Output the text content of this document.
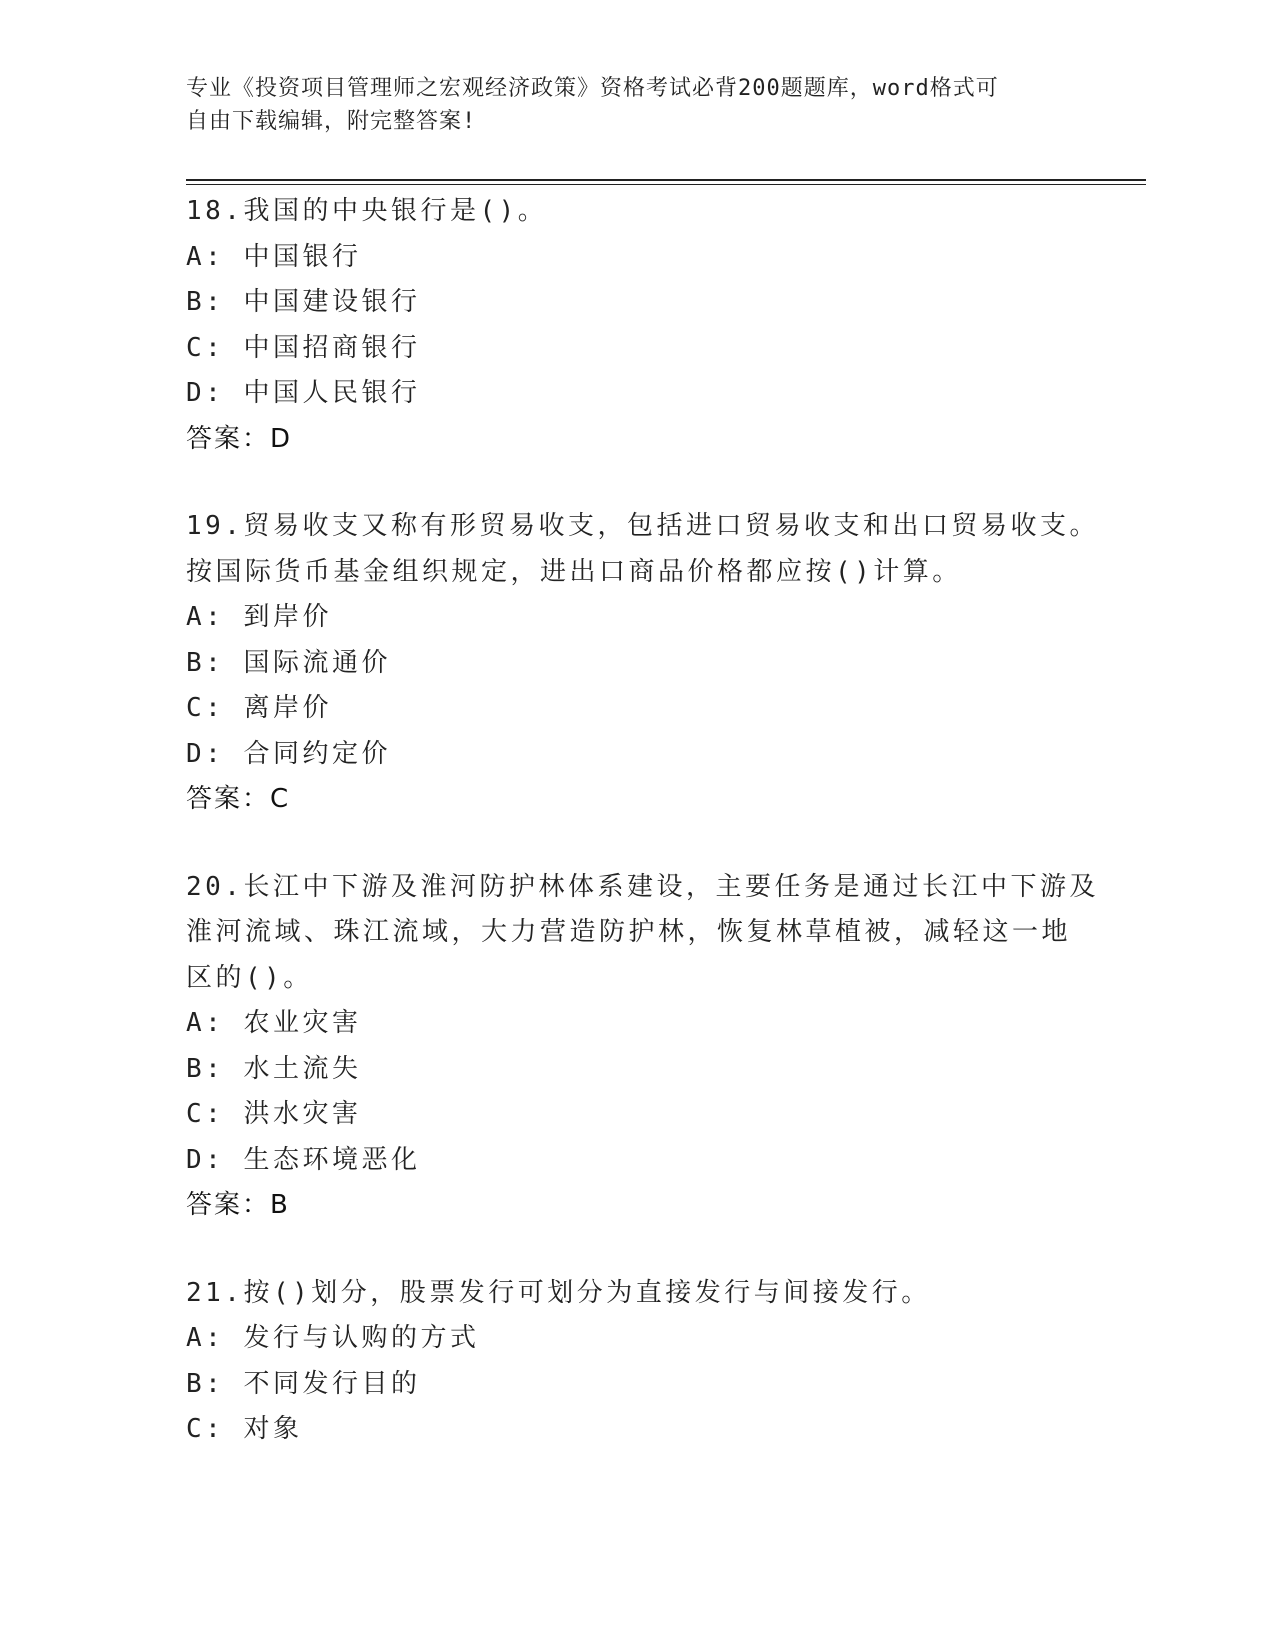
专业《投资项目管理师之宏观经济政策》资格考试必背200题题库，word格式可
自由下载编辑，附完整答案!
18.我国的中央银行是()。
A: 中国银行
B: 中国建设银行
C: 中国招商银行
D: 中国人民银行
答案：D
19.贸易收支又称有形贸易收支，包括进口贸易收支和出口贸易收支。
按国际货币基金组织规定，进出口商品价格都应按()计算。
A: 到岸价
B: 国际流通价
C: 离岸价
D: 合同约定价
答案：C
20.长江中下游及淮河防护林体系建设，主要任务是通过长江中下游及
淮河流域、珠江流域，大力营造防护林，恢复林草植被，减轻这一地
区的()。
A: 农业灾害
B: 水土流失
C: 洪水灾害
D: 生态环境恶化
答案：B
21.按()划分，股票发行可划分为直接发行与间接发行。
A: 发行与认购的方式
B: 不同发行目的
C: 对象
